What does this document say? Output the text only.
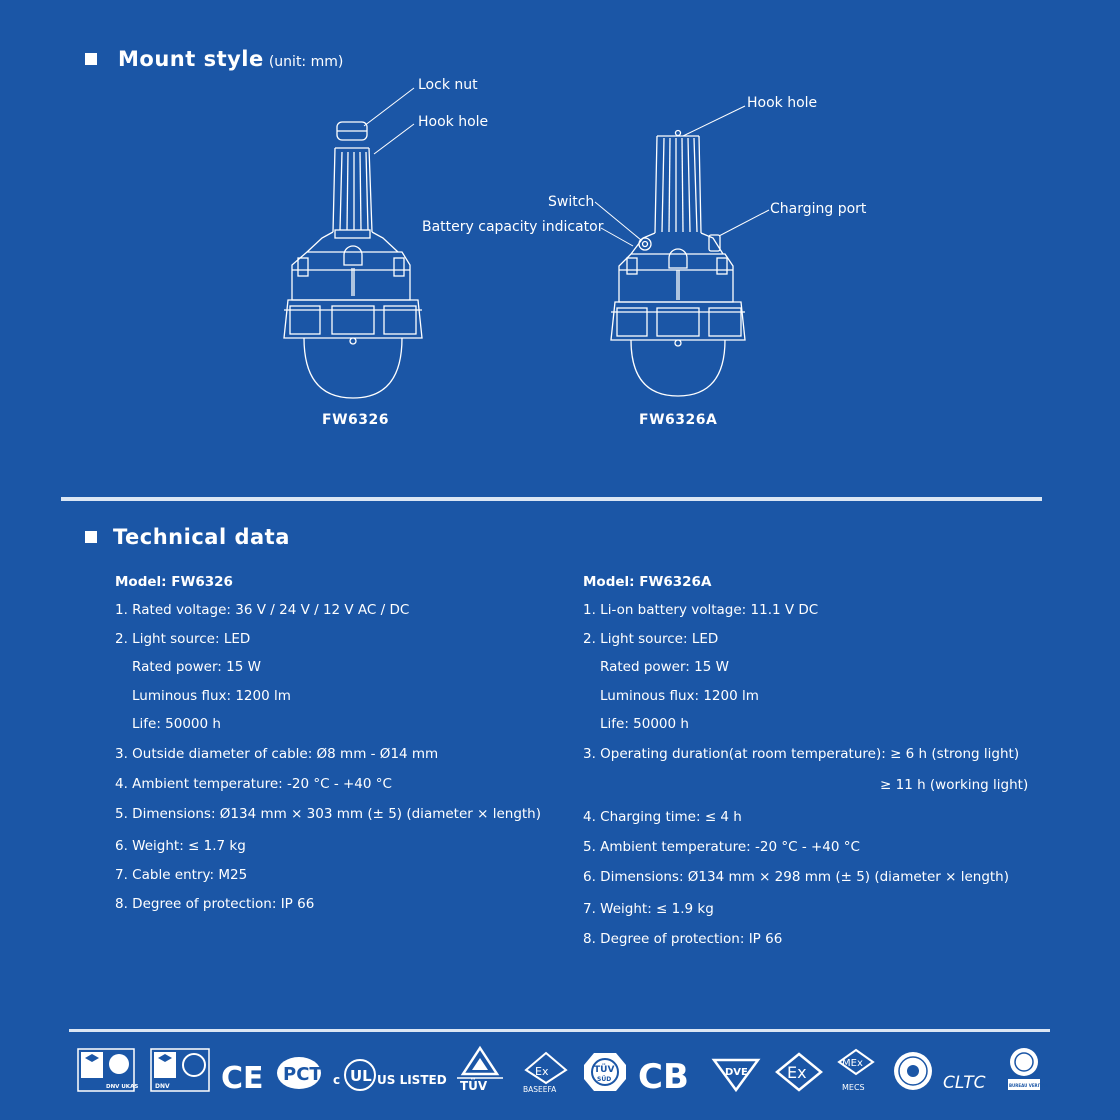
Mount style (unit: mm)
Lock nut
Hook hole
FW6326
Hook hole
Switch
Battery capacity indicator
Charging port
FW6326A
Technical data
Model: FW6326
1. Rated voltage: 36 V / 24 V / 12 V AC / DC
2. Light source: LED
Rated power: 15 W
Luminous flux: 1200 lm
Life: 50000 h
3. Outside diameter of cable: Ø8 mm - Ø14 mm
4. Ambient temperature: -20 °C - +40 °C
5. Dimensions: Ø134 mm × 303 mm (± 5) (diameter × length)
6. Weight: ≤ 1.7 kg
7. Cable entry: M25
8. Degree of protection: IP 66
Model: FW6326A
1. Li-on battery voltage: 11.1 V DC
2. Light source: LED
Rated power: 15 W
Luminous flux: 1200 lm
Life: 50000 h
3. Operating duration(at room temperature): ≥ 6 h (strong light)
≥ 11 h (working light)
4. Charging time: ≤ 4 h
5. Ambient temperature: -20 °C - +40 °C
6. Dimensions: Ø134 mm × 298 mm (± 5) (diameter × length)
7. Weight: ≤ 1.9 kg
8. Degree of protection: IP 66
DNV UKAS	DNV CE PCT c UL US LISTED TÜV
Ex
BASEEFA
TÜV
SÜD CB	DVE Ex	MEx
MECS	CLTC	BUREAU VERITAS
